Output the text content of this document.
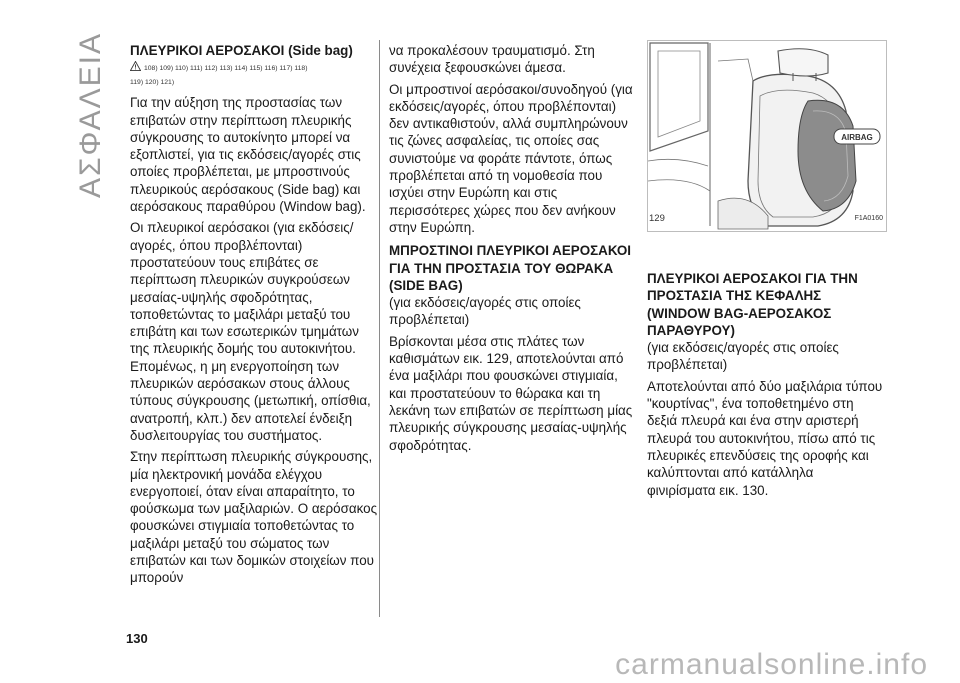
ΑΣΦΑΛΕΙΑ ΠΛΕΥΡΙΚΟΙ ΑΕΡΟΣΑΚΟΙ (Side bag)
108) 109) 110) 111) 112) 113) 114) 115) 116) 117) 118)
119) 120) 121)

Για την αύξηση της προστασίας των επιβατών στην περίπτωση πλευρικής σύγκρουσης το αυτοκίνητο μπορεί να εξοπλιστεί, για τις εκδόσεις/αγορές στις οποίες προβλέπεται, με μπροστινούς πλευρικούς αερόσακους (Side bag) και αερόσακους παραθύρου (Window bag).

Οι πλευρικοί αερόσακοι (για εκδόσεις/αγορές, όπου προβλέπονται) προστατεύουν τους επιβάτες σε περίπτωση πλευρικών συγκρούσεων μεσαίας-υψηλής σφοδρότητας, τοποθετώντας το μαξιλάρι μεταξύ του επιβάτη και των εσωτερικών τμημάτων της πλευρικής δομής του αυτοκινήτου. Επομένως, η μη ενεργοποίηση των πλευρικών αερόσακων στους άλλους τύπους σύγκρουσης (μετωπική, οπίσθια, ανατροπή, κλπ.) δεν αποτελεί ένδειξη δυσλειτουργίας του συστήματος.

Στην περίπτωση πλευρικής σύγκρουσης, μία ηλεκτρονική μονάδα ελέγχου ενεργοποιεί, όταν είναι απαραίτητο, το φούσκωμα των μαξιλαριών. Ο αερόσακος φουσκώνει στιγμιαία τοποθετώντας το μαξιλάρι μεταξύ του σώματος των επιβατών και των δομικών στοιχείων που μπορούν

να προκαλέσουν τραυματισμό. Στη συνέχεια ξεφουσκώνει άμεσα.

Οι μπροστινοί αερόσακοι/συνοδηγού (για εκδόσεις/αγορές, όπου προβλέπονται) δεν αντικαθιστούν, αλλά συμπληρώνουν τις ζώνες ασφαλείας, τις οποίες σας συνιστούμε να φοράτε πάντοτε, όπως προβλέπεται από τη νομοθεσία που ισχύει στην Ευρώπη και στις περισσότερες χώρες που δεν ανήκουν στην Ευρώπη.

ΜΠΡΟΣΤΙΝΟΙ ΠΛΕΥΡΙΚΟΙ ΑΕΡΟΣΑΚΟΙ ΓΙΑ ΤΗΝ ΠΡΟΣΤΑΣΙΑ ΤΟΥ ΘΩΡΑΚΑ (SIDE BAG)

(για εκδόσεις/αγορές στις οποίες προβλέπεται)

Βρίσκονται μέσα στις πλάτες των καθισμάτων εικ. 129, αποτελούνται από ένα μαξιλάρι που φουσκώνει στιγμιαία, και προστατεύουν το θώρακα και τη λεκάνη των επιβατών σε περίπτωση μίας πλευρικής σύγκρουσης μεσαίας-υψηλής σφοδρότητας.

AIRBAG
129	F1A0160
ΠΛΕΥΡΙΚΟΙ ΑΕΡΟΣΑΚΟΙ ΓΙΑ ΤΗΝ ΠΡΟΣΤΑΣΙΑ ΤΗΣ ΚΕΦΑΛΗΣ (WINDOW BAG-ΑΕΡΟΣΑΚΟΣ ΠΑΡΑΘΥΡΟΥ)

(για εκδόσεις/αγορές στις οποίες προβλέπεται)

Αποτελούνται από δύο μαξιλάρια τύπου "κουρτίνας", ένα τοποθετημένο στη δεξιά πλευρά και ένα στην αριστερή πλευρά του αυτοκινήτου, πίσω από τις πλευρικές επενδύσεις της οροφής και καλύπτονται από κατάλληλα φινιρίσματα εικ. 130.

130
carmanualsonline.info
